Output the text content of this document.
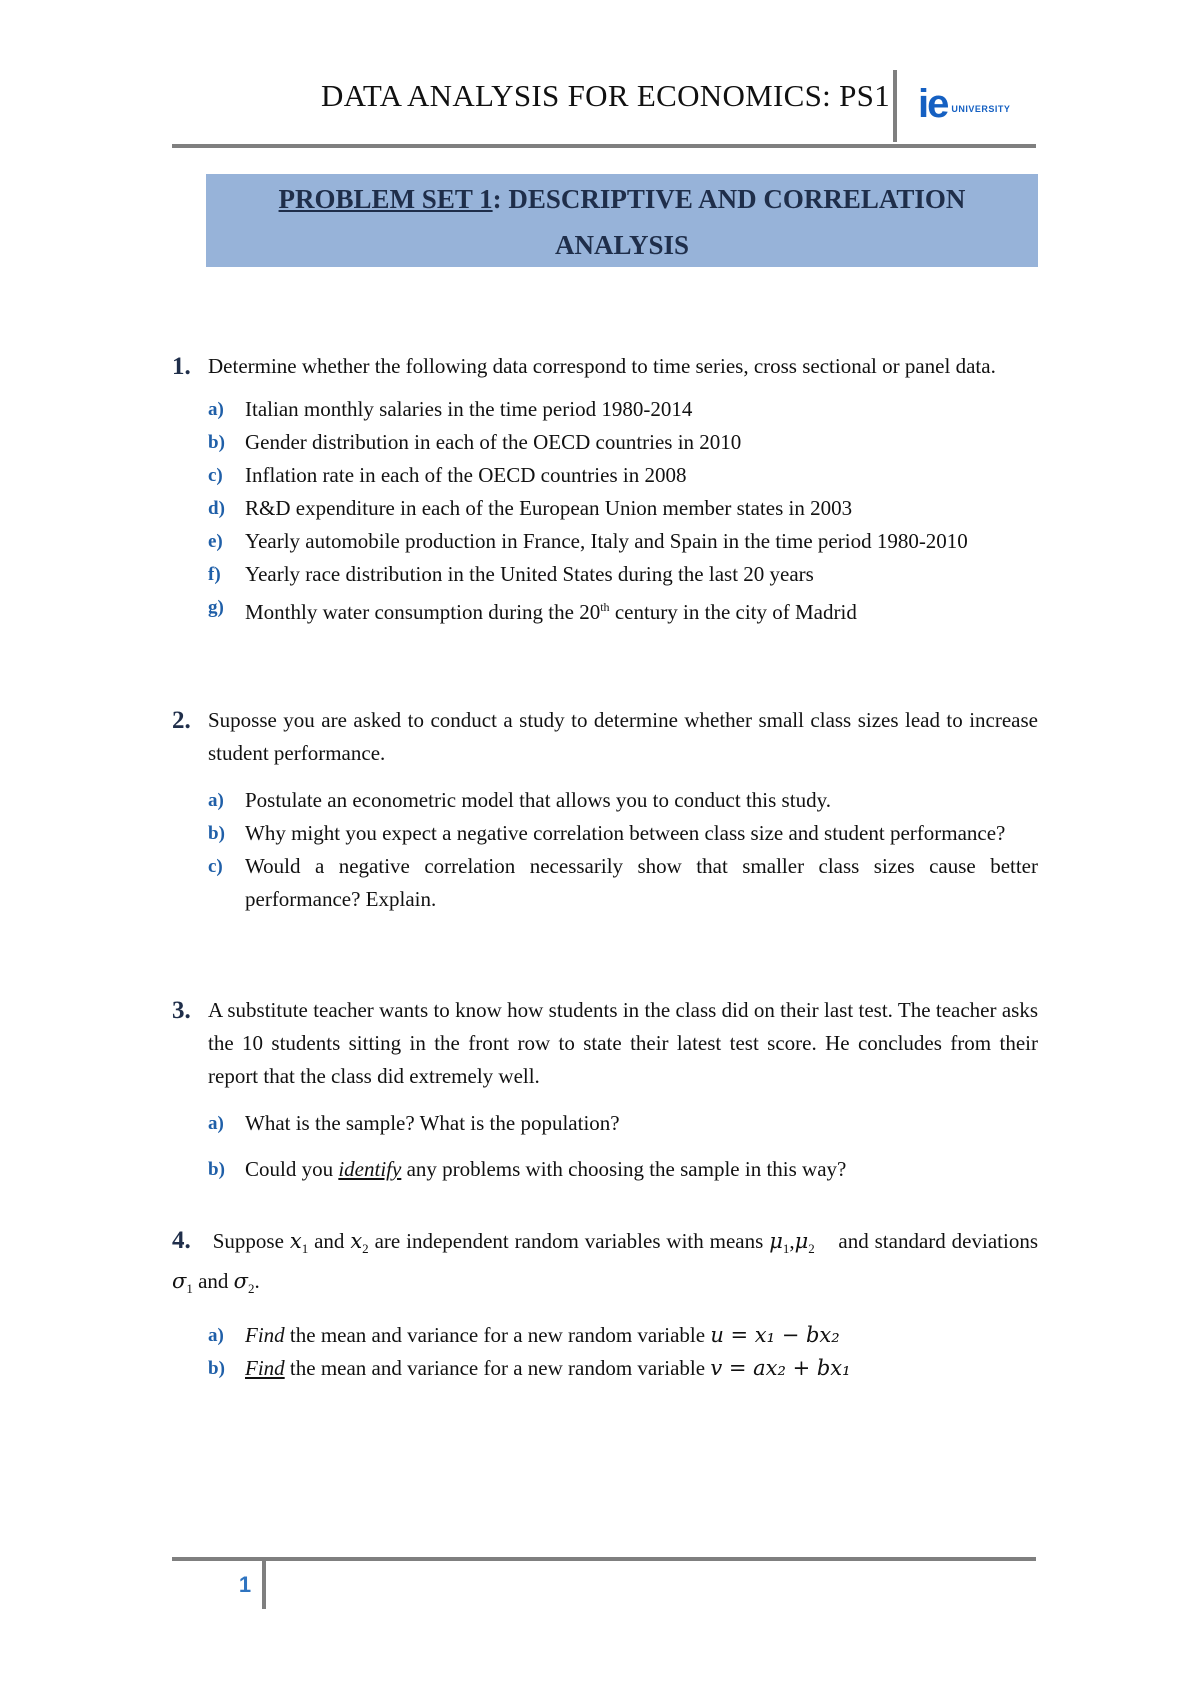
DATA ANALYSIS FOR ECONOMICS: PS1 ie UNIVERSITY
PROBLEM SET 1: DESCRIPTIVE AND CORRELATION
ANALYSIS
1. Determine whether the following data correspond to time series, cross sectional or panel data.
a) Italian monthly salaries in the time period 1980-2014
b) Gender distribution in each of the OECD countries in 2010
c) Inflation rate in each of the OECD countries in 2008
d) R&D expenditure in each of the European Union member states in 2003
e) Yearly automobile production in France, Italy and Spain in the time period 1980-2010
f) Yearly race distribution in the United States during the last 20 years
g) Monthly water consumption during the 20th century in the city of Madrid
2. Suposse you are asked to conduct a study to determine whether small class sizes lead to increase student performance.
a) Postulate an econometric model that allows you to conduct this study.
b) Why might you expect a negative correlation between class size and student performance?
c) Would a negative correlation necessarily show that smaller class sizes cause better performance? Explain.
3. A substitute teacher wants to know how students in the class did on their last test. The teacher asks the 10 students sitting in the front row to state their latest test score. He concludes from their report that the class did extremely well.
a) What is the sample? What is the population?
b) Could you identify any problems with choosing the sample in this way?
4. Suppose $x_1$ and $x_2$ are independent random variables with means $\mu_1,\mu_2$    and standard deviations $\sigma_1$ and $\sigma_2$.
a) Find the mean and variance for a new random variable u = x₁ − bx₂
b) Find the mean and variance for a new random variable v = ax₂ + bx₁
1
